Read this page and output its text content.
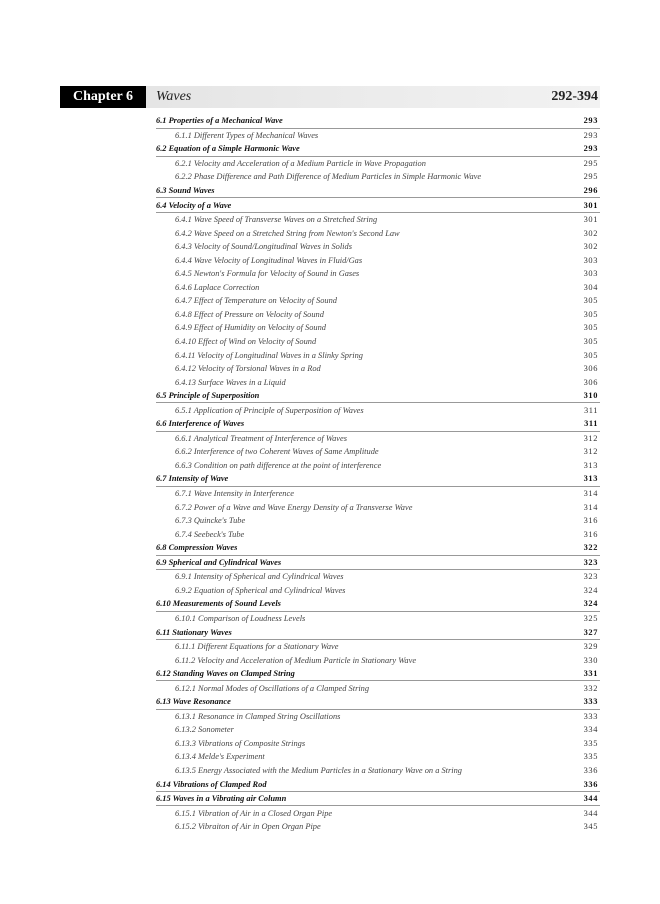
Chapter 6	Waves	292-394
6.1 Properties of a Mechanical Wave	293
6.1.1 Different Types of Mechanical Waves	293
6.2 Equation of a Simple Harmonic Wave	293
6.2.1 Velocity and Acceleration of a Medium Particle in Wave Propagation	295
6.2.2 Phase Difference and Path Difference of Medium Particles in Simple Harmonic Wave	295
6.3 Sound Waves	296
6.4 Velocity of a Wave	301
6.4.1 Wave Speed of Transverse Waves on a Stretched String	301
6.4.2 Wave Speed on a Stretched String from Newton's Second Law	302
6.4.3 Velocity of Sound/Longitudinal Waves in Solids	302
6.4.4 Wave Velocity of Longitudinal Waves in Fluid/Gas	303
6.4.5 Newton's Formula for Velocity of Sound in Gases	303
6.4.6 Laplace Correction	304
6.4.7 Effect of Temperature on Velocity of Sound	305
6.4.8 Effect of Pressure on Velocity of Sound	305
6.4.9 Effect of Humidity on Velocity of Sound	305
6.4.10 Effect of Wind on Velocity of Sound	305
6.4.11 Velocity of Longitudinal Waves in a Slinky Spring	305
6.4.12 Velocity of Torsional Waves in a Rod	306
6.4.13 Surface Waves in a Liquid	306
6.5 Principle of Superposition	310
6.5.1 Application of Principle of Superposition of Waves	311
6.6 Interference of Waves	311
6.6.1 Analytical Treatment of Interference of Waves	312
6.6.2 Interference of two Coherent Waves of Same Amplitude	312
6.6.3 Condition on path difference at the point of interference	313
6.7 Intensity of Wave	313
6.7.1 Wave Intensity in Interference	314
6.7.2 Power of a Wave and Wave Energy Density of a Transverse Wave	314
6.7.3 Quincke's Tube	316
6.7.4 Seebeck's Tube	316
6.8 Compression Waves	322
6.9 Spherical and Cylindrical Waves	323
6.9.1 Intensity of Spherical and Cylindrical Waves	323
6.9.2 Equation of Spherical and Cylindrical Waves	324
6.10 Measurements of Sound Levels	324
6.10.1 Comparison of Loudness Levels	325
6.11 Stationary Waves	327
6.11.1 Different Equations for a Stationary Wave	329
6.11.2 Velocity and Acceleration of Medium Particle in Stationary Wave	330
6.12 Standing Waves on Clamped String	331
6.12.1 Normal Modes of Oscillations of a Clamped String	332
6.13 Wave Resonance	333
6.13.1 Resonance in Clamped String Oscillations	333
6.13.2 Sonometer	334
6.13.3 Vibrations of Composite Strings	335
6.13.4 Melde's Experiment	335
6.13.5 Energy Associated with the Medium Particles in a Stationary Wave on a String	336
6.14 Vibrations of Clamped Rod	336
6.15 Waves in a Vibrating air Column	344
6.15.1 Vibration of Air in a Closed Organ Pipe	344
6.15.2 Vibraiton of Air in Open Organ Pipe	345
